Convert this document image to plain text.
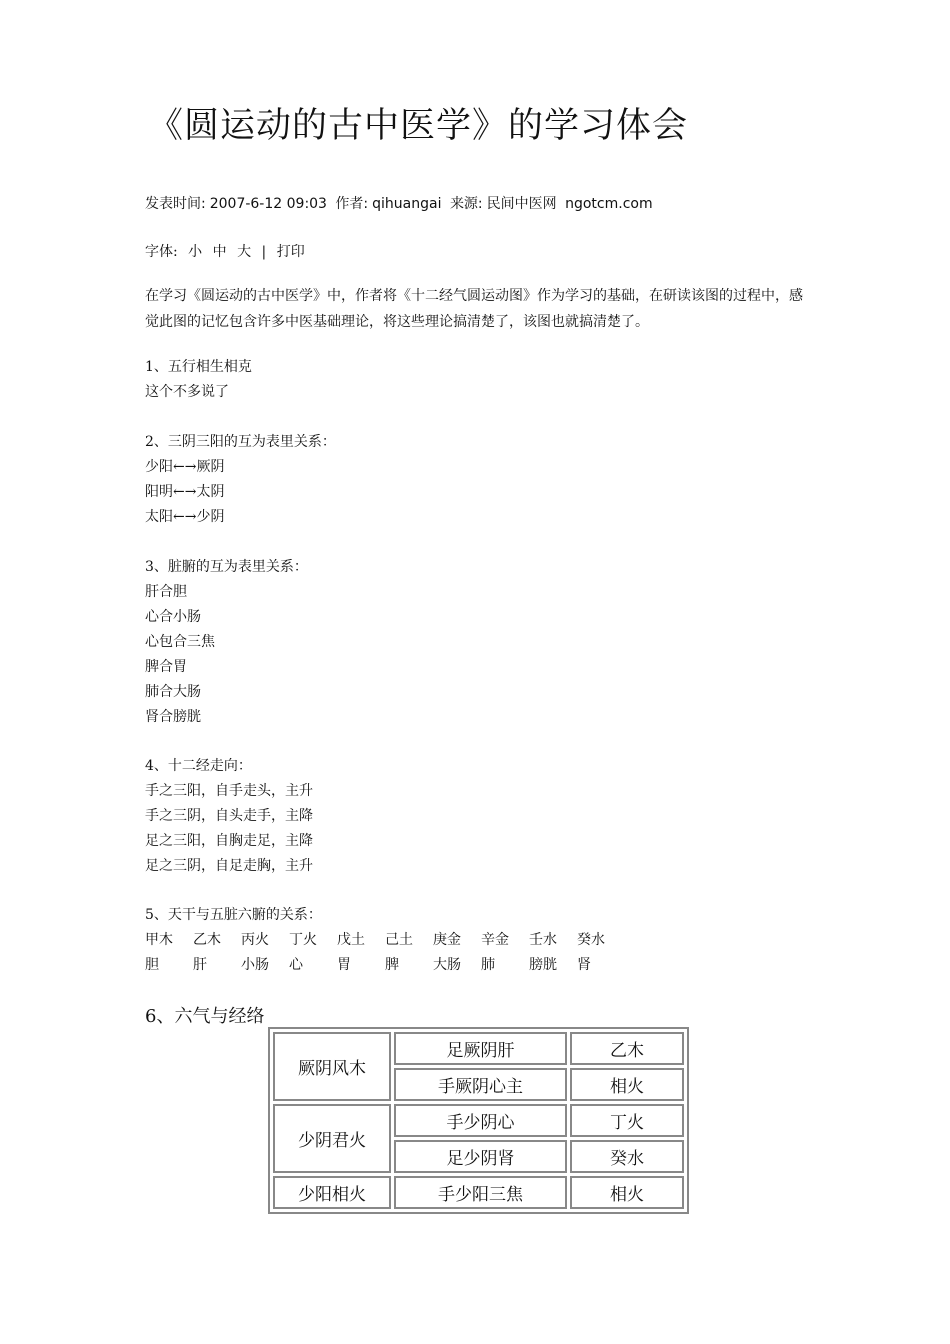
《圆运动的古中医学》的学习体会
发表时间: 2007-6-12 09:03 作者: qihuangai 来源: 民间中医网 ngotcm.com
字体: 小 中 大 | 打印
在学习《圆运动的古中医学》中，作者将《十二经气圆运动图》作为学习的基础，在研读该图的过程中，感觉此图的记忆包含许多中医基础理论，将这些理论搞清楚了，该图也就搞清楚了。
1、五行相生相克
这个不多说了
2、三阴三阳的互为表里关系：
少阳←→厥阴
阳明←→太阴
太阳←→少阴
3、脏腑的互为表里关系：
肝合胆
心合小肠
心包合三焦
脾合胃
肺合大肠
肾合膀胱
4、十二经走向：
手之三阳，自手走头，主升
手之三阴，自头走手，主降
足之三阳，自胸走足，主降
足之三阴，自足走胸，主升
5、天干与五脏六腑的关系：
甲木	乙木	丙火	丁火	戊土	己土	庚金	辛金	壬水	癸水
胆	肝	小肠	心	胃	脾	大肠	肺	膀胱	肾
6、六气与经络
厥阴风木	足厥阴肝	乙木
	手厥阴心主	相火
少阴君火	手少阴心	丁火
	足少阴肾	癸水
少阳相火	手少阳三焦	相火
